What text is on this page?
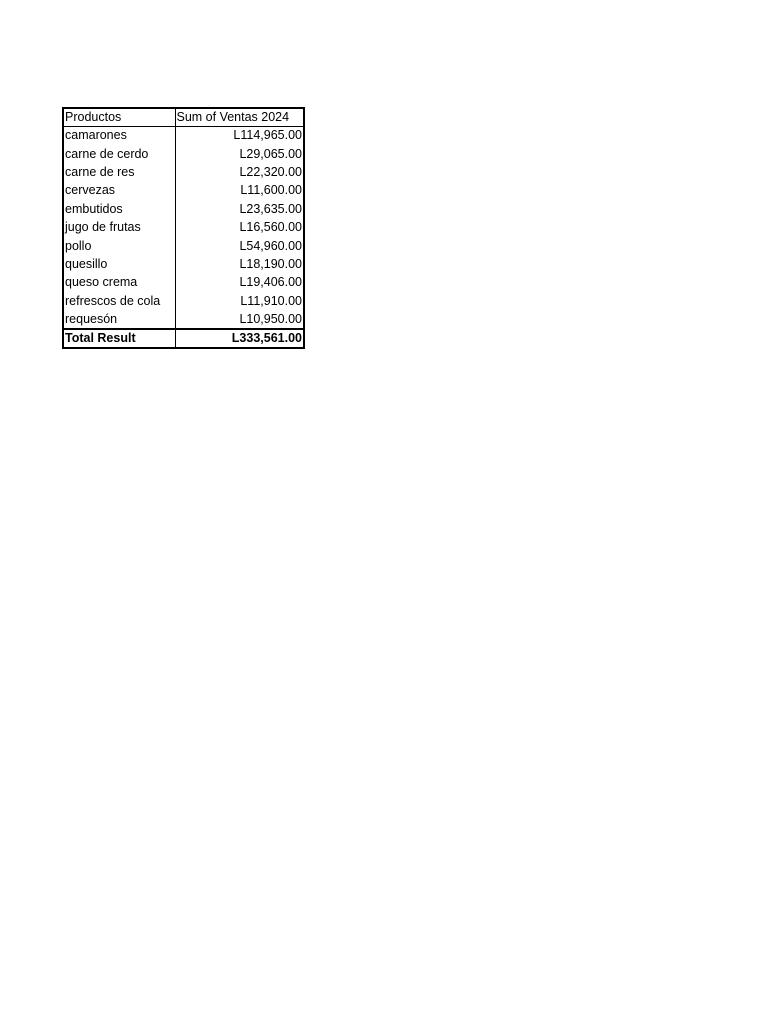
Productos	Sum of Ventas 2024
camarones	L114,965.00
carne de cerdo	L29,065.00
carne de res	L22,320.00
cervezas	L11,600.00
embutidos	L23,635.00
jugo de frutas	L16,560.00
pollo	L54,960.00
quesillo	L18,190.00
queso crema	L19,406.00
refrescos de cola	L11,910.00
requesón	L10,950.00
Total Result	L333,561.00
